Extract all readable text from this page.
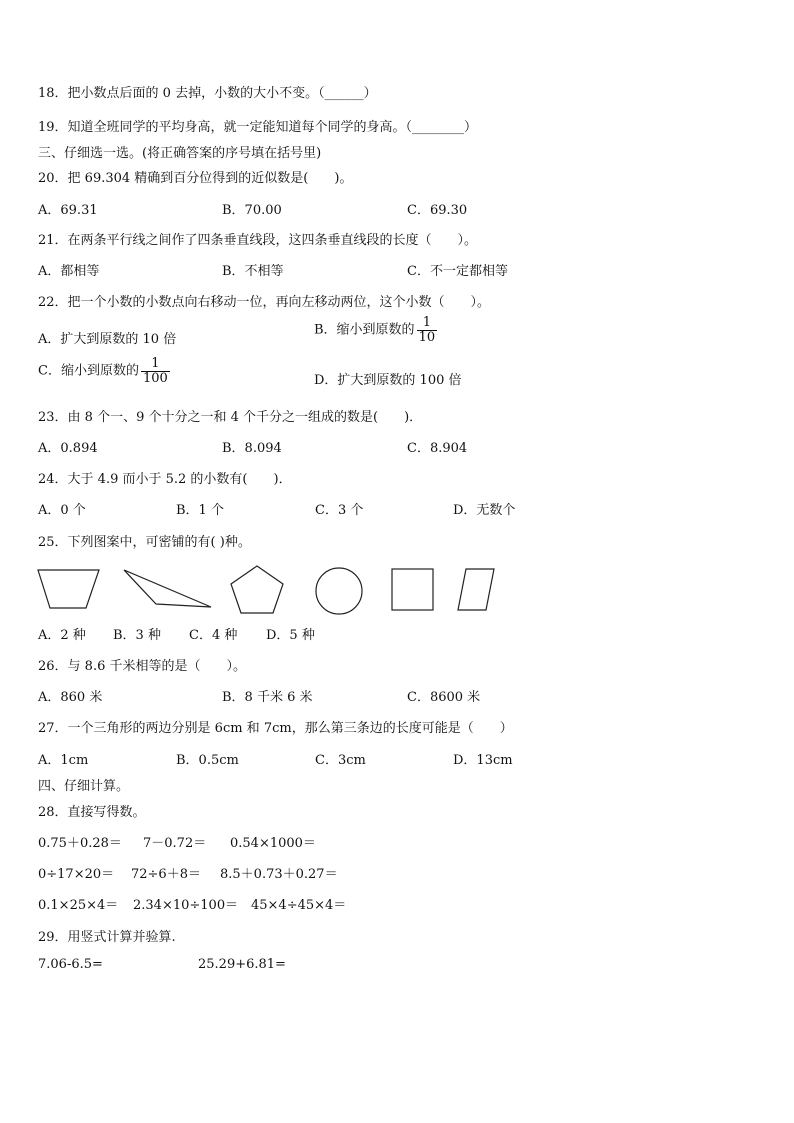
18．把小数点后面的 0 去掉，小数的大小不变。（______）
19．知道全班同学的平均身高，就一定能知道每个同学的身高。（________）
三、仔细选一选。(将正确答案的序号填在括号里)
20．把 69.304 精确到百分位得到的近似数是(　　)。
A．69.31	B．70.00	C．69.30
21．在两条平行线之间作了四条垂直线段，这四条垂直线段的长度（　　）。
A．都相等	B．不相等	C．不一定都相等
22．把一个小数的小数点向右移动一位，再向左移动两位，这个小数（　　）。
A．扩大到原数的 10 倍
B．缩小到原数的 $\frac{1}{10}$
C．缩小到原数的 $\frac{1}{100}$	D．扩大到原数的 100 倍
23．由 8 个一、9 个十分之一和 4 个千分之一组成的数是(　　)．
A．0.894	B．8.094	C．8.904
24．大于 4.9 而小于 5.2 的小数有(　　)．
A．0 个	B．1 个	C．3 个	D．无数个
25．下列图案中，可密铺的有( )种。
A．2 种 B．3 种 C．4 种 D．5 种
26．与 8.6 千米相等的是（　　）。
A．860 米	B．8 千米 6 米	C．8600 米
27．一个三角形的两边分别是 6cm 和 7cm，那么第三条边的长度可能是（　　）
A．1cm	B．0.5cm	C．3cm	D．13cm
四、仔细计算。
28．直接写得数。
0.75＋0.28＝ 7－0.72＝ 0.54×1000＝
0÷17×20＝ 72÷6＋8＝ 8.5＋0.73＋0.27＝
0.1×25×4＝ 2.34×10÷100＝ 45×4÷45×4＝
29．用竖式计算并验算.
7.06-6.5=	25.29+6.81=
